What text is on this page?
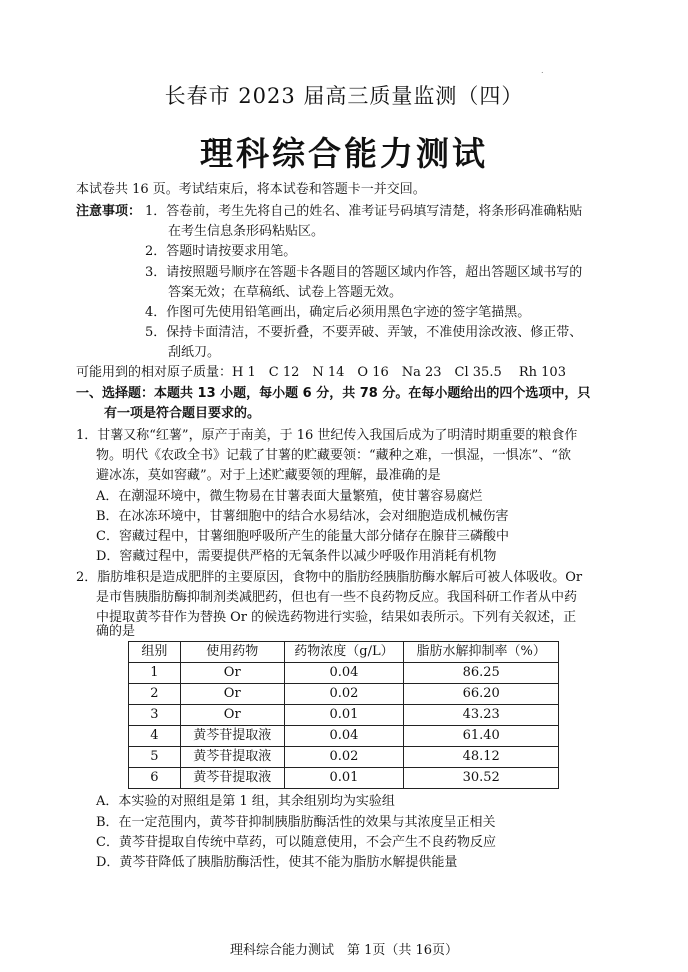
.
长春市 2023 届高三质量监测（四）
理科综合能力测试
本试卷共 16 页。考试结束后，将本试卷和答题卡一并交回。
注意事项： 1．答卷前，考生先将自己的姓名、准考证号码填写清楚，将条形码准确粘贴
在考生信息条形码粘贴区。
2．答题时请按要求用笔。
3．请按照题号顺序在答题卡各题目的答题区域内作答，超出答题区域书写的
答案无效；在草稿纸、试卷上答题无效。
4．作图可先使用铅笔画出，确定后必须用黑色字迹的签字笔描黑。
5．保持卡面清洁，不要折叠，不要弄破、弄皱，不准使用涂改液、修正带、
刮纸刀。
可能用到的相对原子质量：H 1　C 12　N 14　O 16　Na 23　Cl 35.5　 Rh 103
一、选择题：本题共 13 小题，每小题 6 分，共 78 分。在每小题给出的四个选项中，只
有一项是符合题目要求的。
1．甘薯又称“红薯”，原产于南美，于 16 世纪传入我国后成为了明清时期重要的粮食作
物。明代《农政全书》记载了甘薯的贮藏要领：“藏种之难，一惧湿，一惧冻”、“欲
避冰冻，莫如窖藏”。对于上述贮藏要领的理解，最准确的是
A．在潮湿环境中，微生物易在甘薯表面大量繁殖，使甘薯容易腐烂
B．在冰冻环境中，甘薯细胞中的结合水易结冰，会对细胞造成机械伤害
C．窖藏过程中，甘薯细胞呼吸所产生的能量大部分储存在腺苷三磷酸中
D．窖藏过程中，需要提供严格的无氧条件以减少呼吸作用消耗有机物
2．脂肪堆积是造成肥胖的主要原因，食物中的脂肪经胰脂肪酶水解后可被人体吸收。Or
是市售胰脂肪酶抑制剂类减肥药，但也有一些不良药物反应。我国科研工作者从中药
中提取黄芩苷作为替换 Or 的候选药物进行实验，结果如表所示。下列有关叙述，正
确的是
组别	使用药物	药物浓度（g/L）	脂肪水解抑制率（%）
1	Or	0.04	86.25
2	Or	0.02	66.20
3	Or	0.01	43.23
4	黄芩苷提取液	0.04	61.40
5	黄芩苷提取液	0.02	48.12
6	黄芩苷提取液	0.01	30.52
A．本实验的对照组是第 1 组，其余组别均为实验组
B．在一定范围内，黄芩苷抑制胰脂肪酶活性的效果与其浓度呈正相关
C．黄芩苷提取自传统中草药，可以随意使用，不会产生不良药物反应
D．黄芩苷降低了胰脂肪酶活性，使其不能为脂肪水解提供能量
理科综合能力测试　第 1页（共 16页）
